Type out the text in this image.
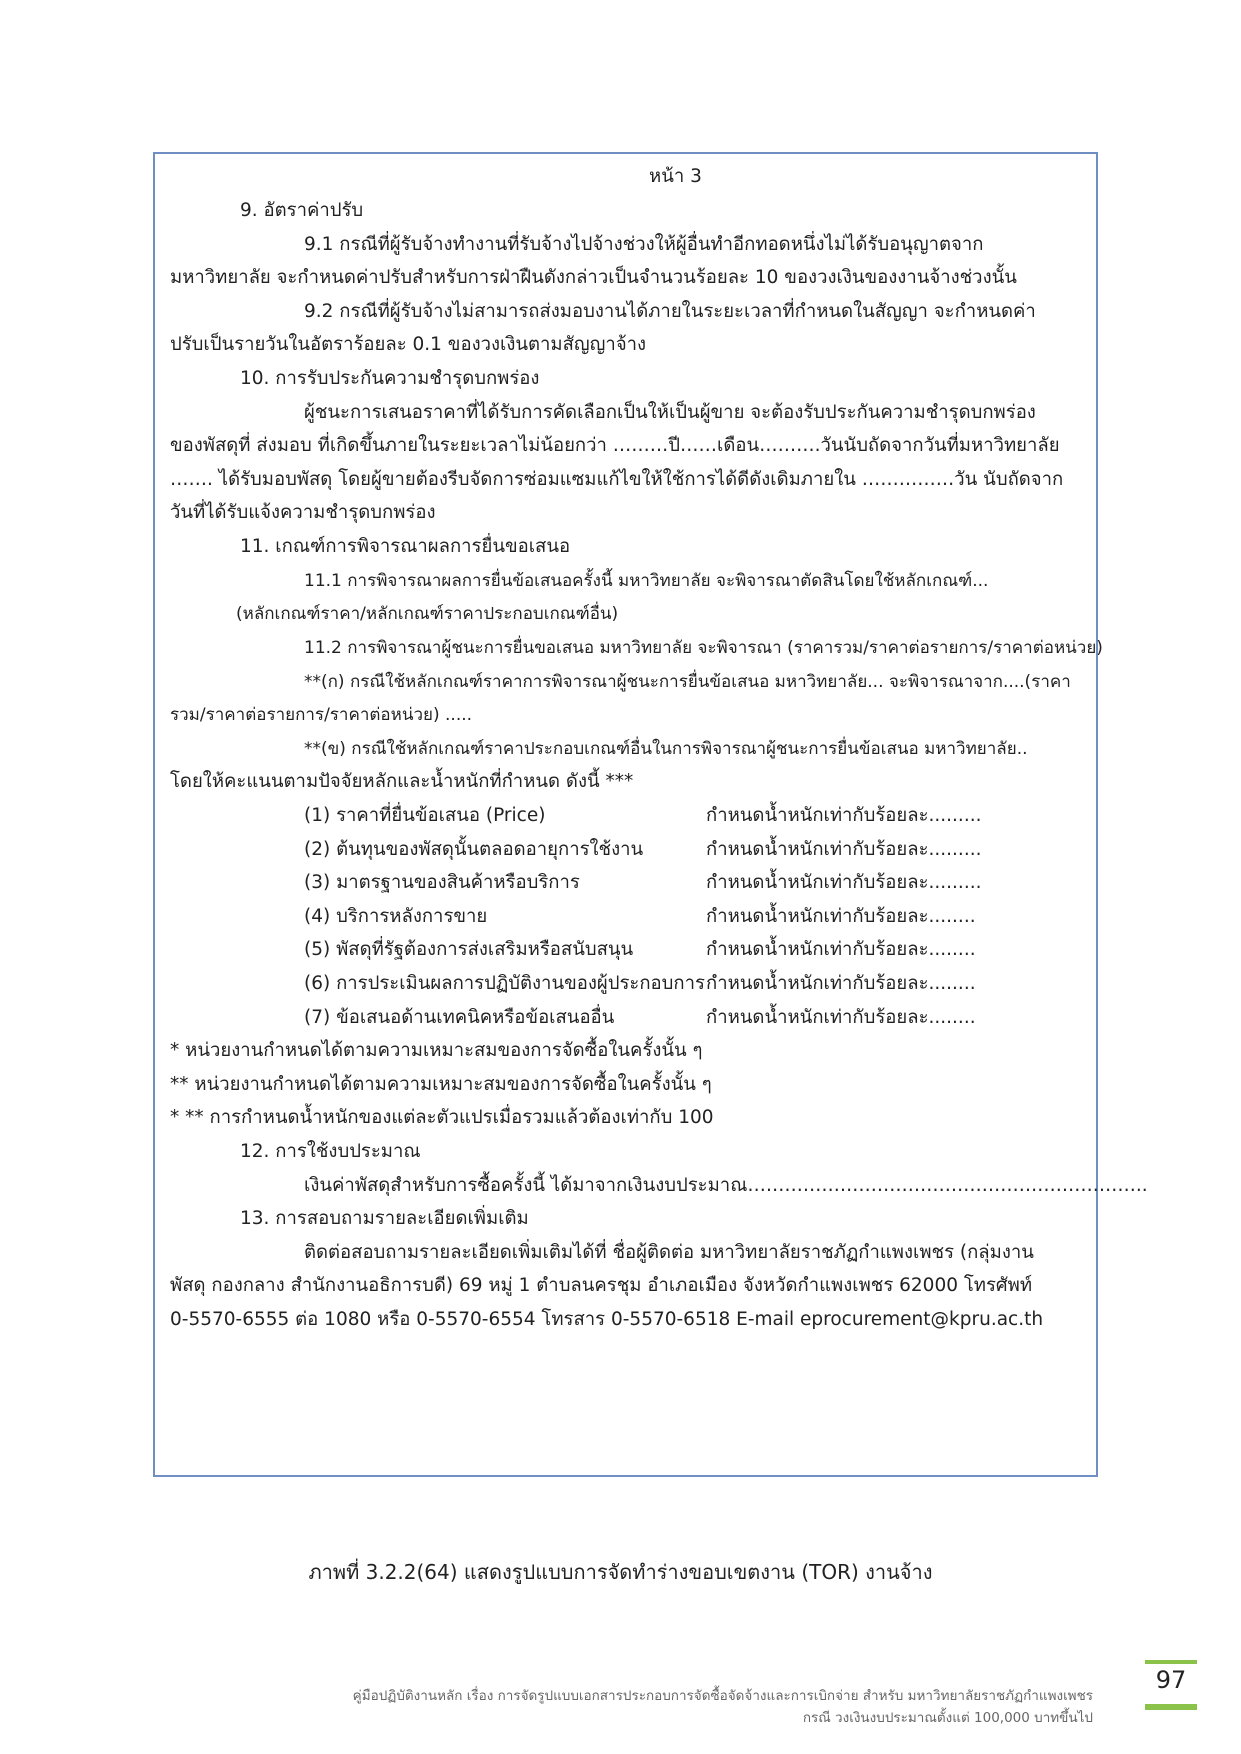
หน้า 3
9. อัตราค่าปรับ
9.1 กรณีที่ผู้รับจ้างทำงานที่รับจ้างไปจ้างช่วงให้ผู้อื่นทำอีกทอดหนึ่งไม่ได้รับอนุญาตจาก
มหาวิทยาลัย จะกำหนดค่าปรับสำหรับการฝ่าฝืนดังกล่าวเป็นจำนวนร้อยละ 10 ของวงเงินของงานจ้างช่วงนั้น
9.2 กรณีที่ผู้รับจ้างไม่สามารถส่งมอบงานได้ภายในระยะเวลาที่กำหนดในสัญญา จะกำหนดค่า
ปรับเป็นรายวันในอัตราร้อยละ 0.1 ของวงเงินตามสัญญาจ้าง
10. การรับประกันความชำรุดบกพร่อง
ผู้ชนะการเสนอราคาที่ได้รับการคัดเลือกเป็นให้เป็นผู้ขาย จะต้องรับประกันความชำรุดบกพร่อง
ของพัสดุที่ ส่งมอบ ที่เกิดขึ้นภายในระยะเวลาไม่น้อยกว่า ………ปี……เดือน……….วันนับถัดจากวันที่มหาวิทยาลัย
……. ได้รับมอบพัสดุ โดยผู้ขายต้องรีบจัดการซ่อมแซมแก้ไขให้ใช้การได้ดีดังเดิมภายใน ……………วัน นับถัดจาก
วันที่ได้รับแจ้งความชำรุดบกพร่อง
11. เกณฑ์การพิจารณาผลการยื่นขอเสนอ
11.1 การพิจารณาผลการยื่นข้อเสนอครั้งนี้ มหาวิทยาลัย จะพิจารณาตัดสินโดยใช้หลักเกณฑ์...
(หลักเกณฑ์ราคา/หลักเกณฑ์ราคาประกอบเกณฑ์อื่น)
11.2 การพิจารณาผู้ชนะการยื่นขอเสนอ มหาวิทยาลัย จะพิจารณา (ราคารวม/ราคาต่อรายการ/ราคาต่อหน่วย)
**(ก) กรณีใช้หลักเกณฑ์ราคาการพิจารณาผู้ชนะการยื่นข้อเสนอ มหาวิทยาลัย... จะพิจารณาจาก....(ราคา
รวม/ราคาต่อรายการ/ราคาต่อหน่วย) .....
**(ข) กรณีใช้หลักเกณฑ์ราคาประกอบเกณฑ์อื่นในการพิจารณาผู้ชนะการยื่นข้อเสนอ มหาวิทยาลัย..
โดยให้คะแนนตามปัจจัยหลักและน้ำหนักที่กำหนด ดังนี้ ***
(1) ราคาที่ยื่นข้อเสนอ (Price)	กำหนดน้ำหนักเท่ากับร้อยละ.........
(2) ต้นทุนของพัสดุนั้นตลอดอายุการใช้งาน	กำหนดน้ำหนักเท่ากับร้อยละ.........
(3) มาตรฐานของสินค้าหรือบริการ	กำหนดน้ำหนักเท่ากับร้อยละ.........
(4) บริการหลังการขาย	กำหนดน้ำหนักเท่ากับร้อยละ........
(5) พัสดุที่รัฐต้องการส่งเสริมหรือสนับสนุน	กำหนดน้ำหนักเท่ากับร้อยละ........
(6) การประเมินผลการปฏิบัติงานของผู้ประกอบการ กำหนดน้ำหนักเท่ากับร้อยละ........
(7) ข้อเสนอด้านเทคนิคหรือข้อเสนออื่น	กำหนดน้ำหนักเท่ากับร้อยละ........
* หน่วยงานกำหนดได้ตามความเหมาะสมของการจัดซื้อในครั้งนั้น ๆ
** หน่วยงานกำหนดได้ตามความเหมาะสมของการจัดซื้อในครั้งนั้น ๆ
* ** การกำหนดน้ำหนักของแต่ละตัวแปรเมื่อรวมแล้วต้องเท่ากับ 100
12. การใช้งบประมาณ
เงินค่าพัสดุสำหรับการซื้อครั้งนี้ ได้มาจากเงินงบประมาณ………………………………………………………..
13. การสอบถามรายละเอียดเพิ่มเติม
ติดต่อสอบถามรายละเอียดเพิ่มเติมได้ที่ ชื่อผู้ติดต่อ มหาวิทยาลัยราชภัฏกำแพงเพชร (กลุ่มงาน
พัสดุ กองกลาง สำนักงานอธิการบดี) 69 หมู่ 1 ตำบลนครชุม อำเภอเมือง จังหวัดกำแพงเพชร 62000 โทรศัพท์
0-5570-6555 ต่อ 1080 หรือ 0-5570-6554 โทรสาร 0-5570-6518 E-mail eprocurement@kpru.ac.th
ภาพที่ 3.2.2(64) แสดงรูปแบบการจัดทำร่างขอบเขตงาน (TOR) งานจ้าง
คู่มือปฏิบัติงานหลัก เรื่อง การจัดรูปแบบเอกสารประกอบการจัดซื้อจัดจ้างและการเบิกจ่าย สำหรับ มหาวิทยาลัยราชภัฏกำแพงเพชร
กรณี วงเงินงบประมาณตั้งแต่ 100,000 บาทขึ้นไป
97
